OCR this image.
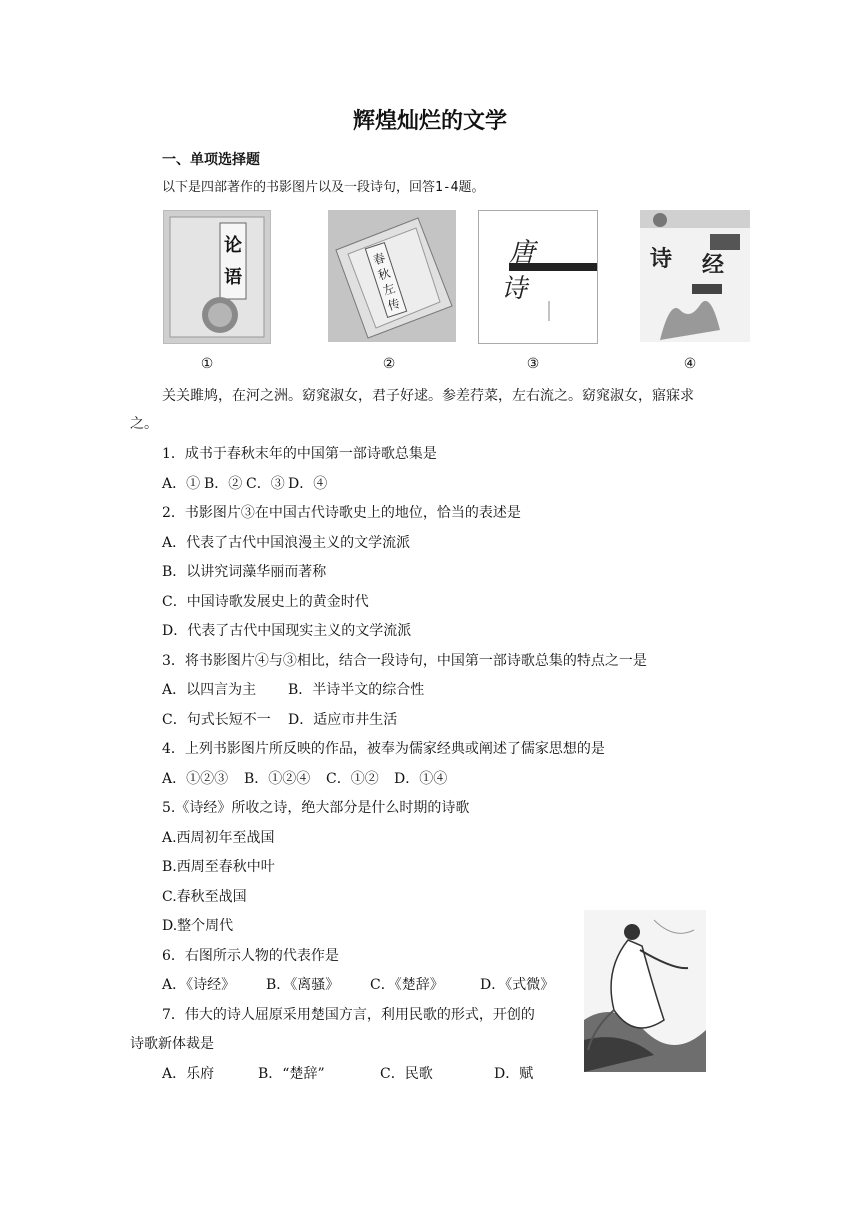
辉煌灿烂的文学
一、单项选择题
以下是四部著作的书影图片以及一段诗句，回答1-4题。
论
语
①
春
秋
左
传
②
唐
诗
③
诗 经
④
关关雎鸠，在河之洲。窈窕淑女，君子好逑。参差荇菜，左右流之。窈窕淑女，寤寐求
之。
1．成书于春秋末年的中国第一部诗歌总集是
A．① B．② C．③ D．④
2．书影图片③在中国古代诗歌史上的地位，恰当的表述是
A．代表了古代中国浪漫主义的文学流派
B．以讲究词藻华丽而著称
C．中国诗歌发展史上的黄金时代
D．代表了古代中国现实主义的文学流派
3．将书影图片④与③相比，结合一段诗句，中国第一部诗歌总集的特点之一是
A．以四言为主 B．半诗半文的综合性
C．句式长短不一 D．适应市井生活
4．上列书影图片所反映的作品，被奉为儒家经典或阐述了儒家思想的是
A．①②③ B．①②④ C．①② D．①④
5.《诗经》所收之诗，绝大部分是什么时期的诗歌
A.西周初年至战国
B.西周至春秋中叶
C.春秋至战国
D.整个周代
6．右图所示人物的代表作是
A．《诗经》 B．《离骚》 C．《楚辞》	D．《式微》
7．伟大的诗人屈原采用楚国方言，利用民歌的形式，开创的
诗歌新体裁是
A．乐府	B．“楚辞”	C．民歌	D．赋
